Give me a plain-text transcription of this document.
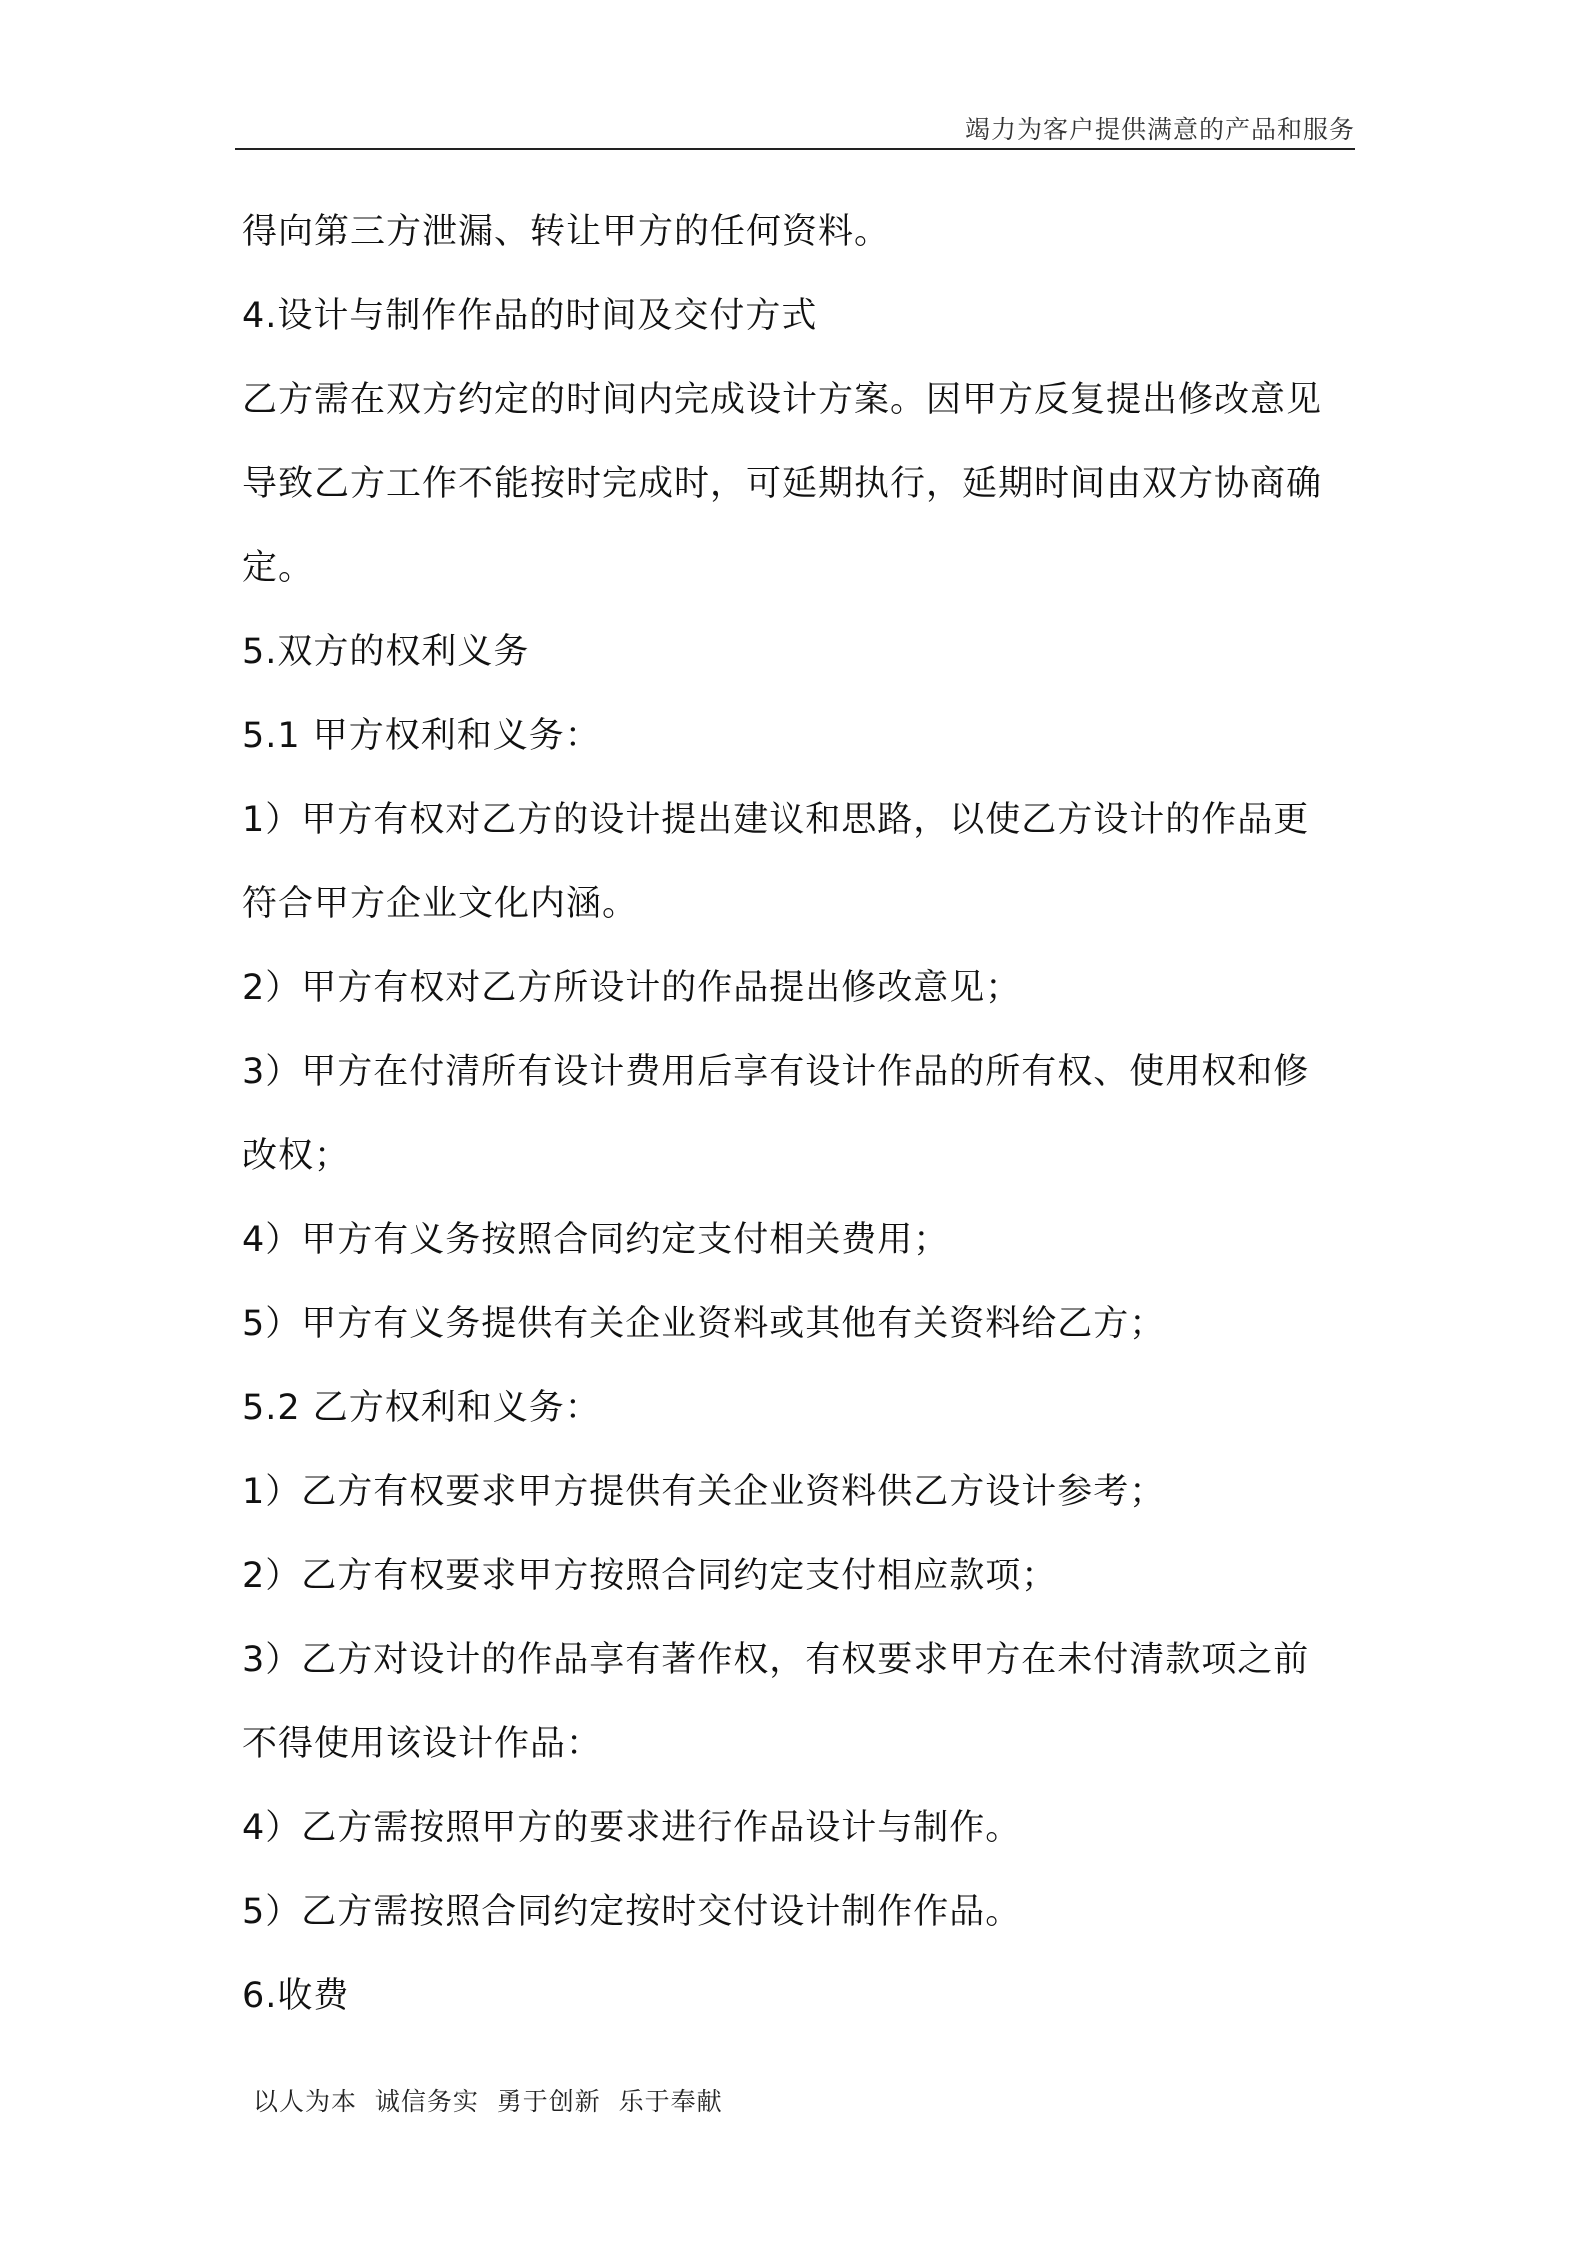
竭力为客户提供满意的产品和服务
得向第三方泄漏、转让甲方的任何资料。
4.设计与制作作品的时间及交付方式
乙方需在双方约定的时间内完成设计方案。因甲方反复提出修改意见
导致乙方工作不能按时完成时，可延期执行，延期时间由双方协商确
定。
5.双方的权利义务
5.1 甲方权利和义务：
1）甲方有权对乙方的设计提出建议和思路，以使乙方设计的作品更
符合甲方企业文化内涵。
2）甲方有权对乙方所设计的作品提出修改意见；
3）甲方在付清所有设计费用后享有设计作品的所有权、使用权和修
改权；
4）甲方有义务按照合同约定支付相关费用；
5）甲方有义务提供有关企业资料或其他有关资料给乙方；
5.2 乙方权利和义务：
1）乙方有权要求甲方提供有关企业资料供乙方设计参考；
2）乙方有权要求甲方按照合同约定支付相应款项；
3）乙方对设计的作品享有著作权，有权要求甲方在未付清款项之前
不得使用该设计作品：
4）乙方需按照甲方的要求进行作品设计与制作。
5）乙方需按照合同约定按时交付设计制作作品。
6.收费
以人为本  诚信务实  勇于创新  乐于奉献
